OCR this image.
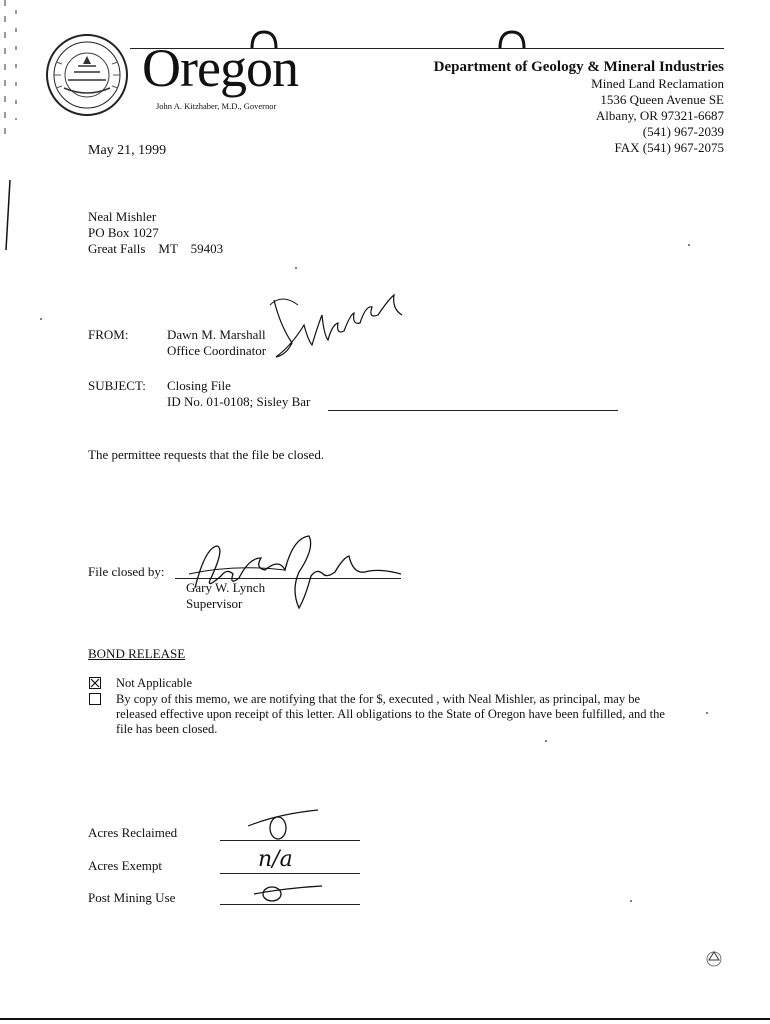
Oregon
John A. Kitzhaber, M.D., Governor
Department of Geology & Mineral Industries
Mined Land Reclamation
1536 Queen Avenue SE
Albany, OR 97321-6687
(541) 967-2039
FAX (541) 967-2075
May 21, 1999
Neal Mishler
PO Box 1027
Great Falls    MT    59403
FROM:	Dawn M. Marshall
Office Coordinator
SUBJECT: Closing File
ID No. 01-0108; Sisley Bar
The permittee requests that the file be closed.
File closed by:
Gary W. Lynch
Supervisor
BOND RELEASE
Not Applicable
By copy of this memo, we are notifying that the for $, executed , with Neal Mishler, as principal, may be released effective upon receipt of this letter. All obligations to the State of Oregon have been fulfilled, and the file has been closed.
Acres Reclaimed
Acres Exempt	n/a
Post Mining Use
